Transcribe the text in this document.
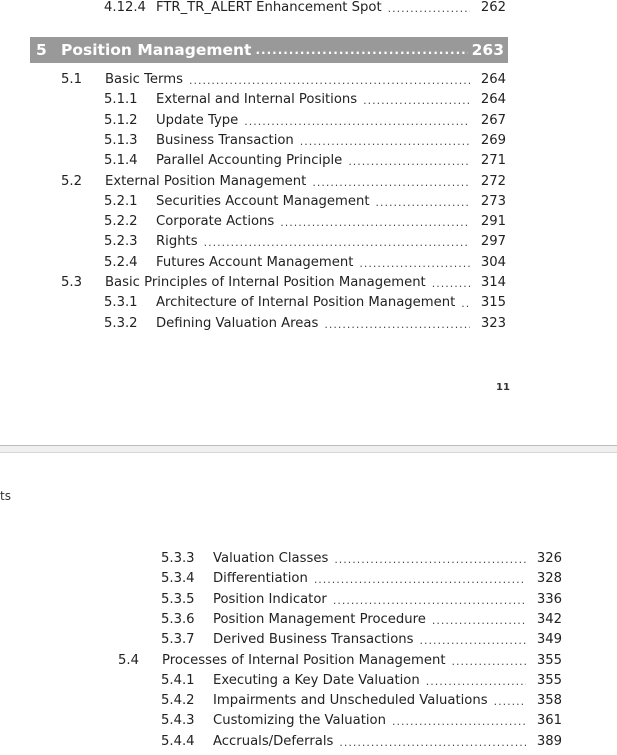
5 Position Management .....	263
11
ts
4.12.4 FTR_TR_ALERT Enhancement Spot .....	262
5.1 Basic Terms .....	264
5.1.1 External and Internal Positions .....	264
5.1.2 Update Type .....	267
5.1.3 Business Transaction .....	269
5.1.4 Parallel Accounting Principle .....	271
5.2 External Position Management .....	272
5.2.1 Securities Account Management .....	273
5.2.2 Corporate Actions .....	291
5.2.3 Rights .....	297
5.2.4 Futures Account Management .....	304
5.3 Basic Principles of Internal Position Management .....	314
5.3.1 Architecture of Internal Position Management .....	315
5.3.2 Defining Valuation Areas .....	323
5.3.3 Valuation Classes .....	326
5.3.4 Differentiation .....	328
5.3.5 Position Indicator .....	336
5.3.6 Position Management Procedure .....	342
5.3.7 Derived Business Transactions .....	349
5.4 Processes of Internal Position Management .....	355
5.4.1 Executing a Key Date Valuation .....	355
5.4.2 Impairments and Unscheduled Valuations .....	358
5.4.3 Customizing the Valuation .....	361
5.4.4 Accruals/Deferrals .....	389
